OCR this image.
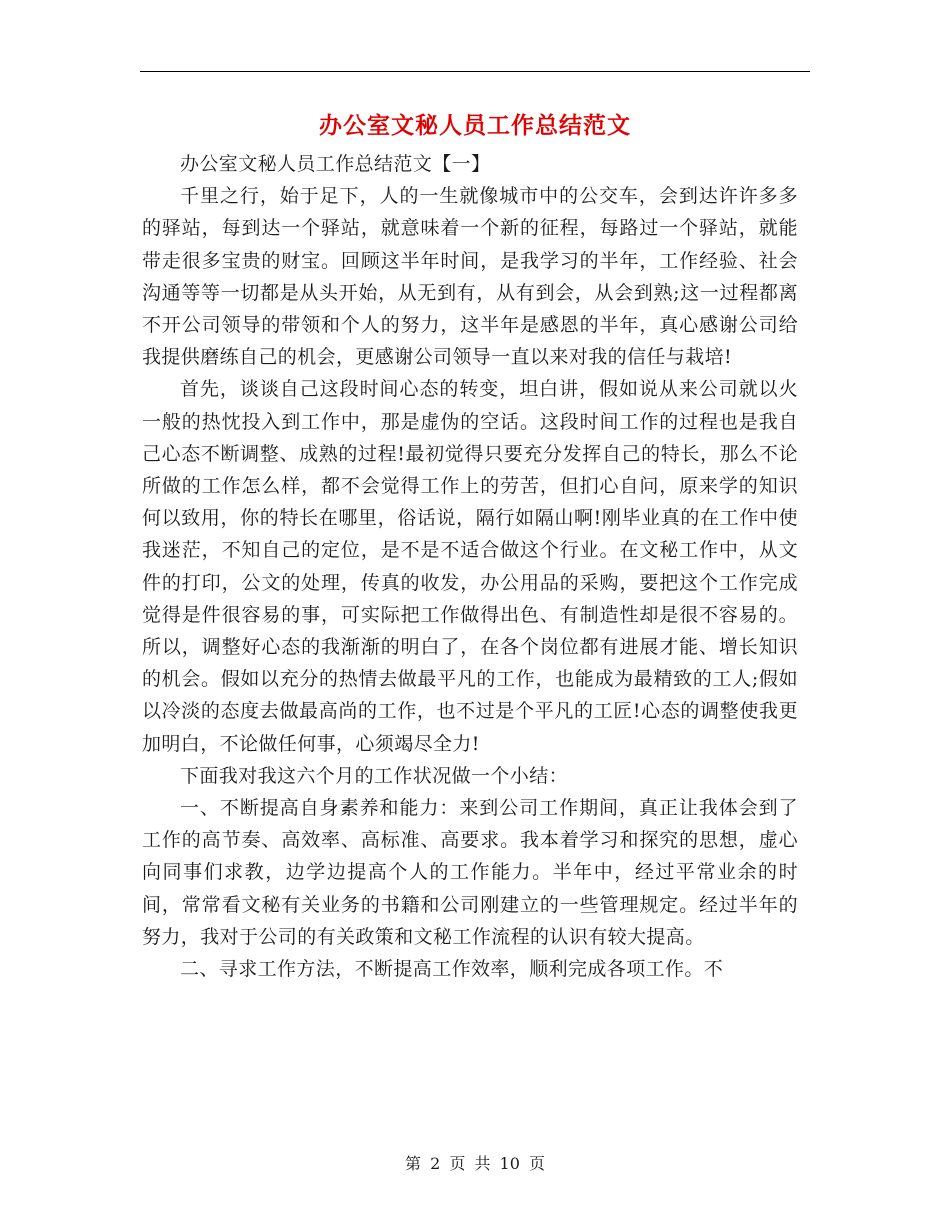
办公室文秘人员工作总结范文

办公室文秘人员工作总结范文【一】

千里之行，始于足下，人的一生就像城市中的公交车，会到达许许多多的驿站，每到达一个驿站，就意味着一个新的征程，每路过一个驿站，就能带走很多宝贵的财宝。回顾这半年时间，是我学习的半年，工作经验、社会沟通等等一切都是从头开始，从无到有，从有到会，从会到熟;这一过程都离不开公司领导的带领和个人的努力，这半年是感恩的半年，真心感谢公司给我提供磨练自己的机会，更感谢公司领导一直以来对我的信任与栽培!

首先，谈谈自己这段时间心态的转变，坦白讲，假如说从来公司就以火一般的热忱投入到工作中，那是虚伪的空话。这段时间工作的过程也是我自己心态不断调整、成熟的过程!最初觉得只要充分发挥自己的特长，那么不论所做的工作怎么样，都不会觉得工作上的劳苦，但扪心自问，原来学的知识何以致用，你的特长在哪里，俗话说，隔行如隔山啊!刚毕业真的在工作中使我迷茫，不知自己的定位，是不是不适合做这个行业。在文秘工作中，从文件的打印，公文的处理，传真的收发，办公用品的采购，要把这个工作完成觉得是件很容易的事，可实际把工作做得出色、有制造性却是很不容易的。所以，调整好心态的我渐渐的明白了，在各个岗位都有进展才能、增长知识的机会。假如以充分的热情去做最平凡的工作，也能成为最精致的工人;假如以冷淡的态度去做最高尚的工作，也不过是个平凡的工匠!心态的调整使我更加明白，不论做任何事，心须竭尽全力!

下面我对我这六个月的工作状况做一个小结：

一、不断提高自身素养和能力：来到公司工作期间，真正让我体会到了工作的高节奏、高效率、高标准、高要求。我本着学习和探究的思想，虚心向同事们求教，边学边提高个人的工作能力。半年中，经过平常业余的时间，常常看文秘有关业务的书籍和公司刚建立的一些管理规定。经过半年的努力，我对于公司的有关政策和文秘工作流程的认识有较大提高。

二、寻求工作方法，不断提高工作效率，顺利完成各项工作。不

第 2 页 共 10 页
